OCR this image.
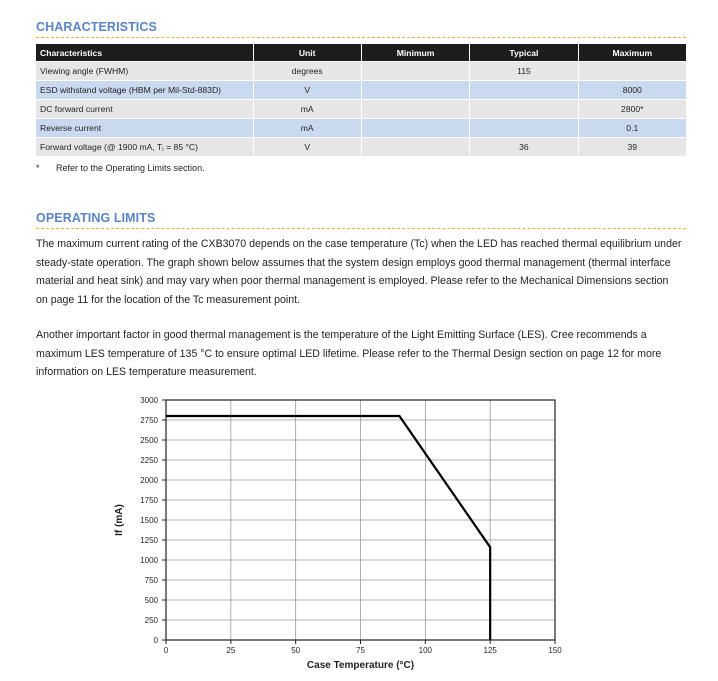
CHARACTERISTICS
Characteristics	Unit	Minimum	Typical	Maximum
Viewing angle (FWHM)	degrees		115	
ESD withstand voltage (HBM per Mil-Std-883D)	V			8000
DC forward current	mA			2800*
Reverse current	mA			0.1
Forward voltage (@ 1900 mA, Tⱼ = 85 °C)	V		36	39
* Refer to the Operating Limits section.
OPERATING LIMITS
The maximum current rating of the CXB3070 depends on the case temperature (Tc) when the LED has reached thermal equilibrium under
steady-state operation. The graph shown below assumes that the system design employs good thermal management (thermal interface
material and heat sink) and may vary when poor thermal management is employed. Please refer to the Mechanical Dimensions section
on page 11 for the location of the Tc measurement point.
Another important factor in good thermal management is the temperature of the Light Emitting Surface (LES). Cree recommends a
maximum LES temperature of 135 °C to ensure optimal LED lifetime. Please refer to the Thermal Design section on page 12 for more
information on LES temperature measurement.
0
250
500
750
1000
1250
1500
1750
2000
2250
2500
2750
3000
0	25	50	75	100	125	150
Case Temperature (°C)
If (mA)
